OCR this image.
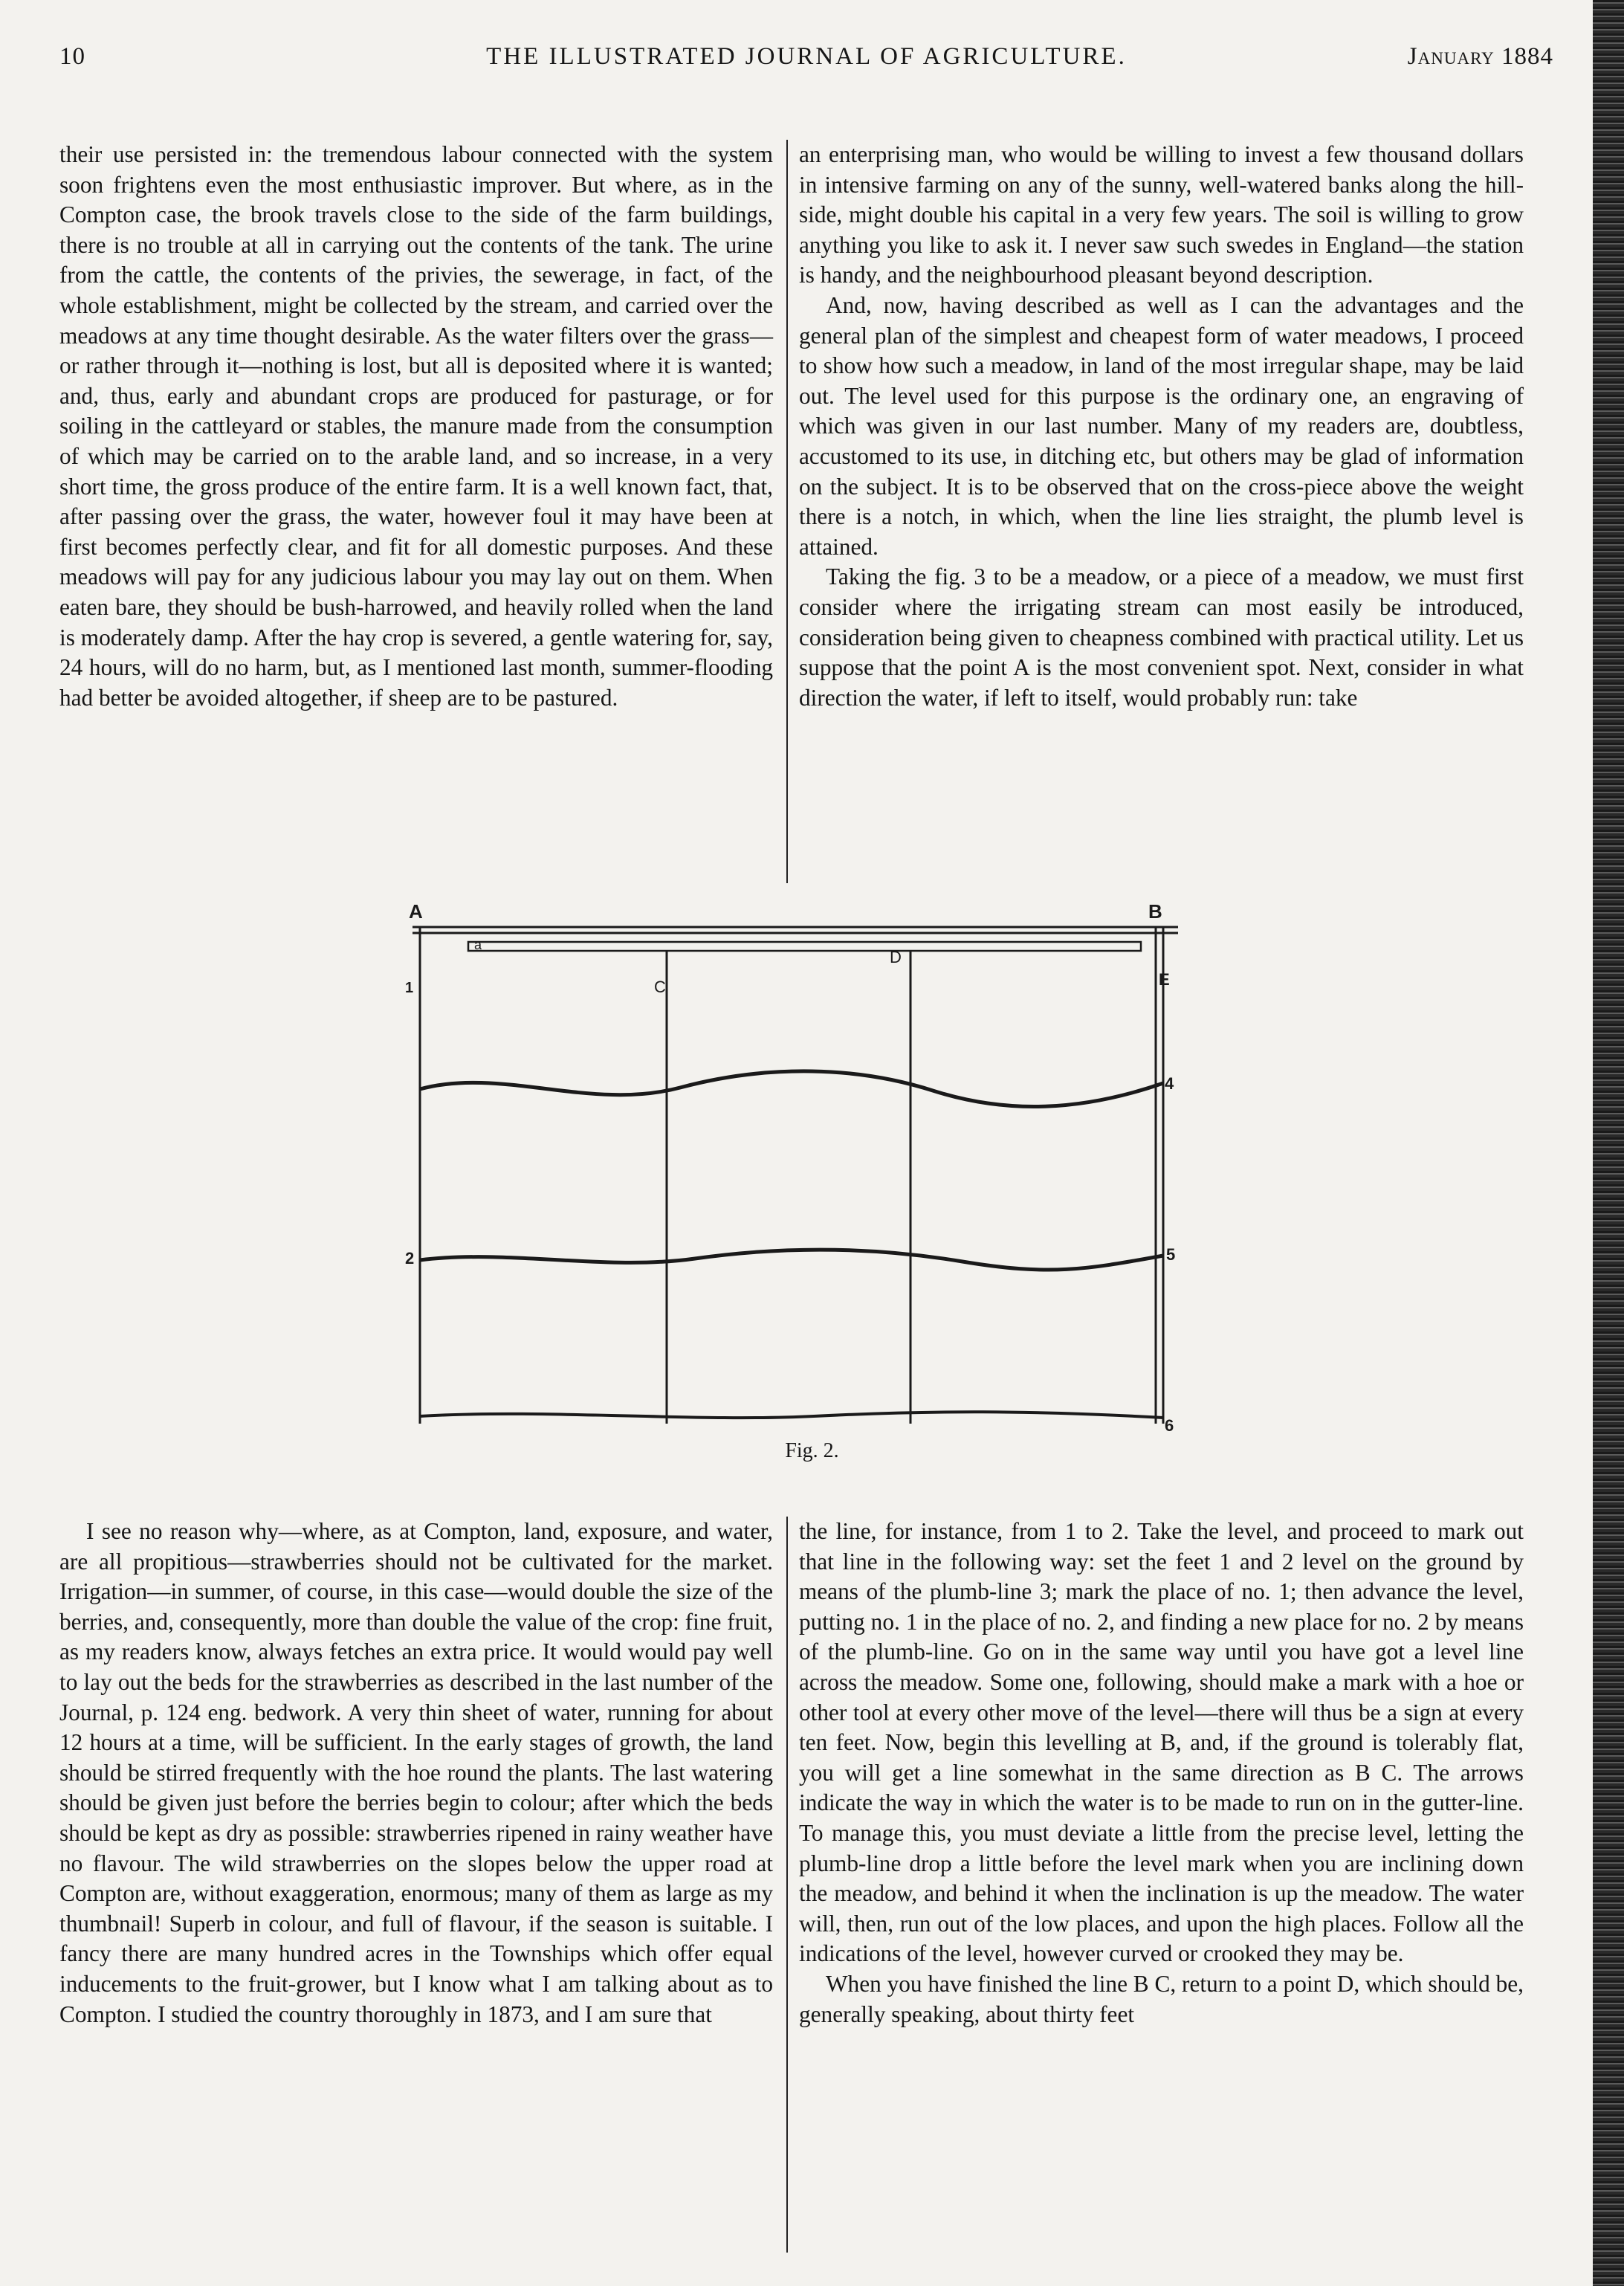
10	THE ILLUSTRATED JOURNAL OF AGRICULTURE.	January 1884

their use persisted in: the tremendous labour connected with the system soon frightens even the most enthusiastic improver. But where, as in the Compton case, the brook travels close to the side of the farm buildings, there is no trouble at all in carrying out the contents of the tank. The urine from the cattle, the contents of the privies, the sewerage, in fact, of the whole establishment, might be collected by the stream, and carried over the meadows at any time thought desirable. As the water filters over the grass—or rather through it—nothing is lost, but all is deposited where it is wanted; and, thus, early and abundant crops are produced for pasturage, or for soiling in the cattleyard or stables, the manure made from the consumption of which may be carried on to the arable land, and so increase, in a very short time, the gross produce of the entire farm. It is a well known fact, that, after passing over the grass, the water, however foul it may have been at first becomes perfectly clear, and fit for all domestic purposes. And these meadows will pay for any judicious labour you may lay out on them. When eaten bare, they should be bush-harrowed, and heavily rolled when the land is moderately damp. After the hay crop is severed, a gentle watering for, say, 24 hours, will do no harm, but, as I mentioned last month, summer-flooding had better be avoided altogether, if sheep are to be pastured.

an enterprising man, who would be willing to invest a few thousand dollars in intensive farming on any of the sunny, well-watered banks along the hill-side, might double his capital in a very few years. The soil is willing to grow anything you like to ask it. I never saw such swedes in England—the station is handy, and the neighbourhood pleasant beyond description.

And, now, having described as well as I can the advantages and the general plan of the simplest and cheapest form of water meadows, I proceed to show how such a meadow, in land of the most irregular shape, may be laid out. The level used for this purpose is the ordinary one, an engraving of which was given in our last number. Many of my readers are, doubtless, accustomed to its use, in ditching etc, but others may be glad of information on the subject. It is to be observed that on the cross-piece above the weight there is a notch, in which, when the line lies straight, the plumb level is attained.

Taking the fig. 3 to be a meadow, or a piece of a meadow, we must first consider where the irrigating stream can most easily be introduced, consideration being given to cheapness combined with practical utility. Let us suppose that the point A is the most convenient spot. Next, consider in what direction the water, if left to itself, would probably run: take

A	B
C
D
E
a
1
2
4
5
6
Fig. 2.

I see no reason why—where, as at Compton, land, exposure, and water, are all propitious—strawberries should not be cultivated for the market. Irrigation—in summer, of course, in this case—would double the size of the berries, and, consequently, more than double the value of the crop: fine fruit, as my readers know, always fetches an extra price. It would would pay well to lay out the beds for the strawberries as described in the last number of the Journal, p. 124 eng. bedwork. A very thin sheet of water, running for about 12 hours at a time, will be sufficient. In the early stages of growth, the land should be stirred frequently with the hoe round the plants. The last watering should be given just before the berries begin to colour; after which the beds should be kept as dry as possible: strawberries ripened in rainy weather have no flavour. The wild strawberries on the slopes below the upper road at Compton are, without exaggeration, enormous; many of them as large as my thumbnail! Superb in colour, and full of flavour, if the season is suitable. I fancy there are many hundred acres in the Townships which offer equal inducements to the fruit-grower, but I know what I am talking about as to Compton. I studied the country thoroughly in 1873, and I am sure that

the line, for instance, from 1 to 2. Take the level, and proceed to mark out that line in the following way: set the feet 1 and 2 level on the ground by means of the plumb-line 3; mark the place of no. 1; then advance the level, putting no. 1 in the place of no. 2, and finding a new place for no. 2 by means of the plumb-line. Go on in the same way until you have got a level line across the meadow. Some one, following, should make a mark with a hoe or other tool at every other move of the level—there will thus be a sign at every ten feet. Now, begin this levelling at B, and, if the ground is tolerably flat, you will get a line somewhat in the same direction as B C. The arrows indicate the way in which the water is to be made to run on in the gutter-line. To manage this, you must deviate a little from the precise level, letting the plumb-line drop a little before the level mark when you are inclining down the meadow, and behind it when the inclination is up the meadow. The water will, then, run out of the low places, and upon the high places. Follow all the indications of the level, however curved or crooked they may be.

When you have finished the line B C, return to a point D, which should be, generally speaking, about thirty feet
